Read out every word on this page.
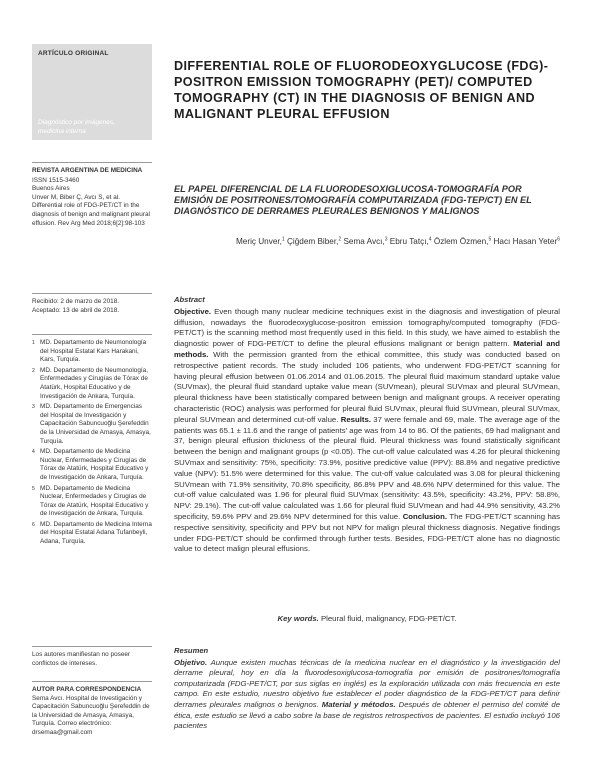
ARTÍCULO ORIGINAL
Diagnóstico por imágenes,
medicina interna
REVISTA ARGENTINA DE MEDICINA
ISSN 1515-3460
Buenos Aires
Unver M, Biber Ç, Avcı S, et al. Differential role of FDG-PET/CT in the diagnosis of benign and malignant pleural effusion. Rev Arg Med 2018;6[2]:98-103
Recibido: 2 de marzo de 2018.
Aceptado: 13 de abril de 2018.
1 MD. Departamento de Neumonología del Hospital Estatal Kars Harakani, Kars, Turquía.
2 MD. Departamento de Neumonología, Enfermedades y Cirugías de Tórax de Atatürk, Hospital Educativo y de Investigación de Ankara, Turquía.
3 MD. Departamento de Emergencias del Hospital de Investigación y Capacitación Sabuncuoğlu Şerefeddin de la Universidad de Amasya, Amasya, Turquía.
4 MD. Departamento de Medicina Nuclear, Enfermedades y Cirugías de Tórax de Atatürk, Hospital Educativo y de Investigación de Ankara, Turquía.
5 MD. Departamento de Medicina Nuclear, Enfermedades y Cirugías de Tórax de Atatürk, Hospital Educativo y de Investigación de Ankara, Turquía.
6 MD. Departamento de Medicina Interna del Hospital Estatal Adana Tufanbeyli, Adana, Turquía.
Los autores manifiestan no poseer conflictos de intereses.
AUTOR PARA CORRESPONDENCIA
Sema Avcı. Hospital de Investigación y Capacitación Sabuncuoğlu Şerefeddin de la Universidad de Amasya, Amasya, Turquía. Correo electrónico: drsemaa@gmail.com
DIFFERENTIAL ROLE OF FLUORODEOXYGLUCOSE (FDG)-POSITRON EMISSION TOMOGRAPHY (PET)/ COMPUTED TOMOGRAPHY (CT) IN THE DIAGNOSIS OF BENIGN AND MALIGNANT PLEURAL EFFUSION
EL PAPEL DIFERENCIAL DE LA FLUORODESOXIGLUCOSA-TOMOGRAFÍA POR EMISIÓN DE POSITRONES/TOMOGRAFÍA COMPUTARIZADA (FDG-TEP/CT) EN EL DIAGNÓSTICO DE DERRAMES PLEURALES BENIGNOS Y MALIGNOS
Meriç Unver,$^1$ Çiğdem Biber,$^2$ Sema Avcı,$^3$ Ebru Tatçı,$^4$ Özlem Özmen,$^5$ Hacı Hasan Yeter$^6$
Abstract
Objective. Even though many nuclear medicine techniques exist in the diagnosis and investigation of pleural diffusion, nowadays the fluorodeoxyglucose-positron emission tomography/computed tomography (FDG-PET/CT) is the scanning method most frequently used in this field. In this study, we have aimed to establish the diagnostic power of FDG-PET/CT to define the pleural effusions malignant or benign pattern. Material and methods. With the permission granted from the ethical committee, this study was conducted based on retrospective patient records. The study included 106 patients, who underwent FDG-PET/CT scanning for having pleural effusion between 01.06.2014 and 01.06.2015. The pleural fluid maximum standard uptake value (SUVmax), the pleural fluid standard uptake value mean (SUVmean), pleural SUVmax and pleural SUVmean, pleural thickness have been statistically compared between benign and malignant groups. A receiver operating characteristic (ROC) analysis was performed for pleural fluid SUVmax, pleural fluid SUVmean, pleural SUVmax, pleural SUVmean and determined cut-off value. Results. 37 were female and 69, male. The average age of the patients was 65.1 ± 11.6 and the range of patients' age was from 14 to 86. Of the patients, 69 had malignant and 37, benign pleural effusion thickness of the pleural fluid. Pleural thickness was found statistically significant between the benign and malignant groups (p <0.05). The cut-off value calculated was 4.26 for pleural thickening SUVmax and sensitivity: 75%, specificity: 73.9%, positive predictive value (PPV): 88.8% and negative predictive value (NPV): 51.5% were determined for this value. The cut-off value calculated was 3.08 for pleural thickening SUVmean with 71.9% sensitivity, 70.8% specificity, 86.8% PPV and 48.6% NPV determined for this value. The cut-off value calculated was 1.96 for pleural fluid SUVmax (sensitivity: 43.5%, specificity: 43.2%, PPV: 58.8%, NPV: 29.1%). The cut-off value calculated was 1.66 for pleural fluid SUVmean and had 44.9% sensitivity, 43.2% specificity, 59.6% PPV and 29.6% NPV determined for this value. Conclusion. The FDG-PET/CT scanning has respective sensitivity, specificity and PPV but not NPV for malign pleural thickness diagnosis. Negative findings under FDG-PET/CT should be confirmed through further tests. Besides, FDG-PET/CT alone has no diagnostic value to detect malign pleural effusions.
Key words. Pleural fluid, malignancy, FDG-PET/CT.
Resumen
Objetivo. Aunque existen muchas técnicas de la medicina nuclear en el diagnóstico y la investigación del derrame pleural, hoy en día la fluorodesoxiglucosa-tomografía por emisión de positrones/tomografía computarizada (FDG-PET/CT, por sus siglas en inglés) es la exploración utilizada con más frecuencia en este campo. En este estudio, nuestro objetivo fue establecer el poder diagnóstico de la FDG-PET/CT para definir derrames pleurales malignos o benignos. Material y métodos. Después de obtener el permiso del comité de ética, este estudio se llevó a cabo sobre la base de registros retrospectivos de pacientes. El estudio incluyó 106 pacientes
